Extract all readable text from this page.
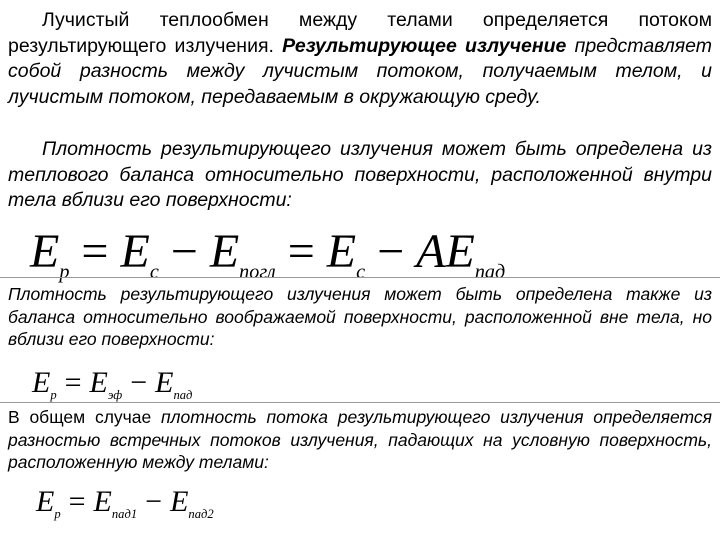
Лучистый теплообмен между телами определяется потоком результирующего излучения. Результирующее излучение представляет собой разность между лучистым потоком, получаемым телом, и лучистым потоком, передаваемым в окружающую среду.

Плотность результирующего излучения может быть определена из теплового баланса относительно поверхности, расположенной внутри тела вблизи его поверхности:

$E_р = E_с - E_{погл} = E_с - AE_{пад}$

Плотность результирующего излучения может быть определена также из баланса относительно воображаемой поверхности, расположенной вне тела, но вблизи его поверхности:

$E_р = E_{эф} - E_{пад}$

В общем случае плотность потока результирующего излучения определяется разностью встречных потоков излучения, падающих на условную поверхность, расположенную между телами:

$E_р = E_{пад1} - E_{пад2}$
